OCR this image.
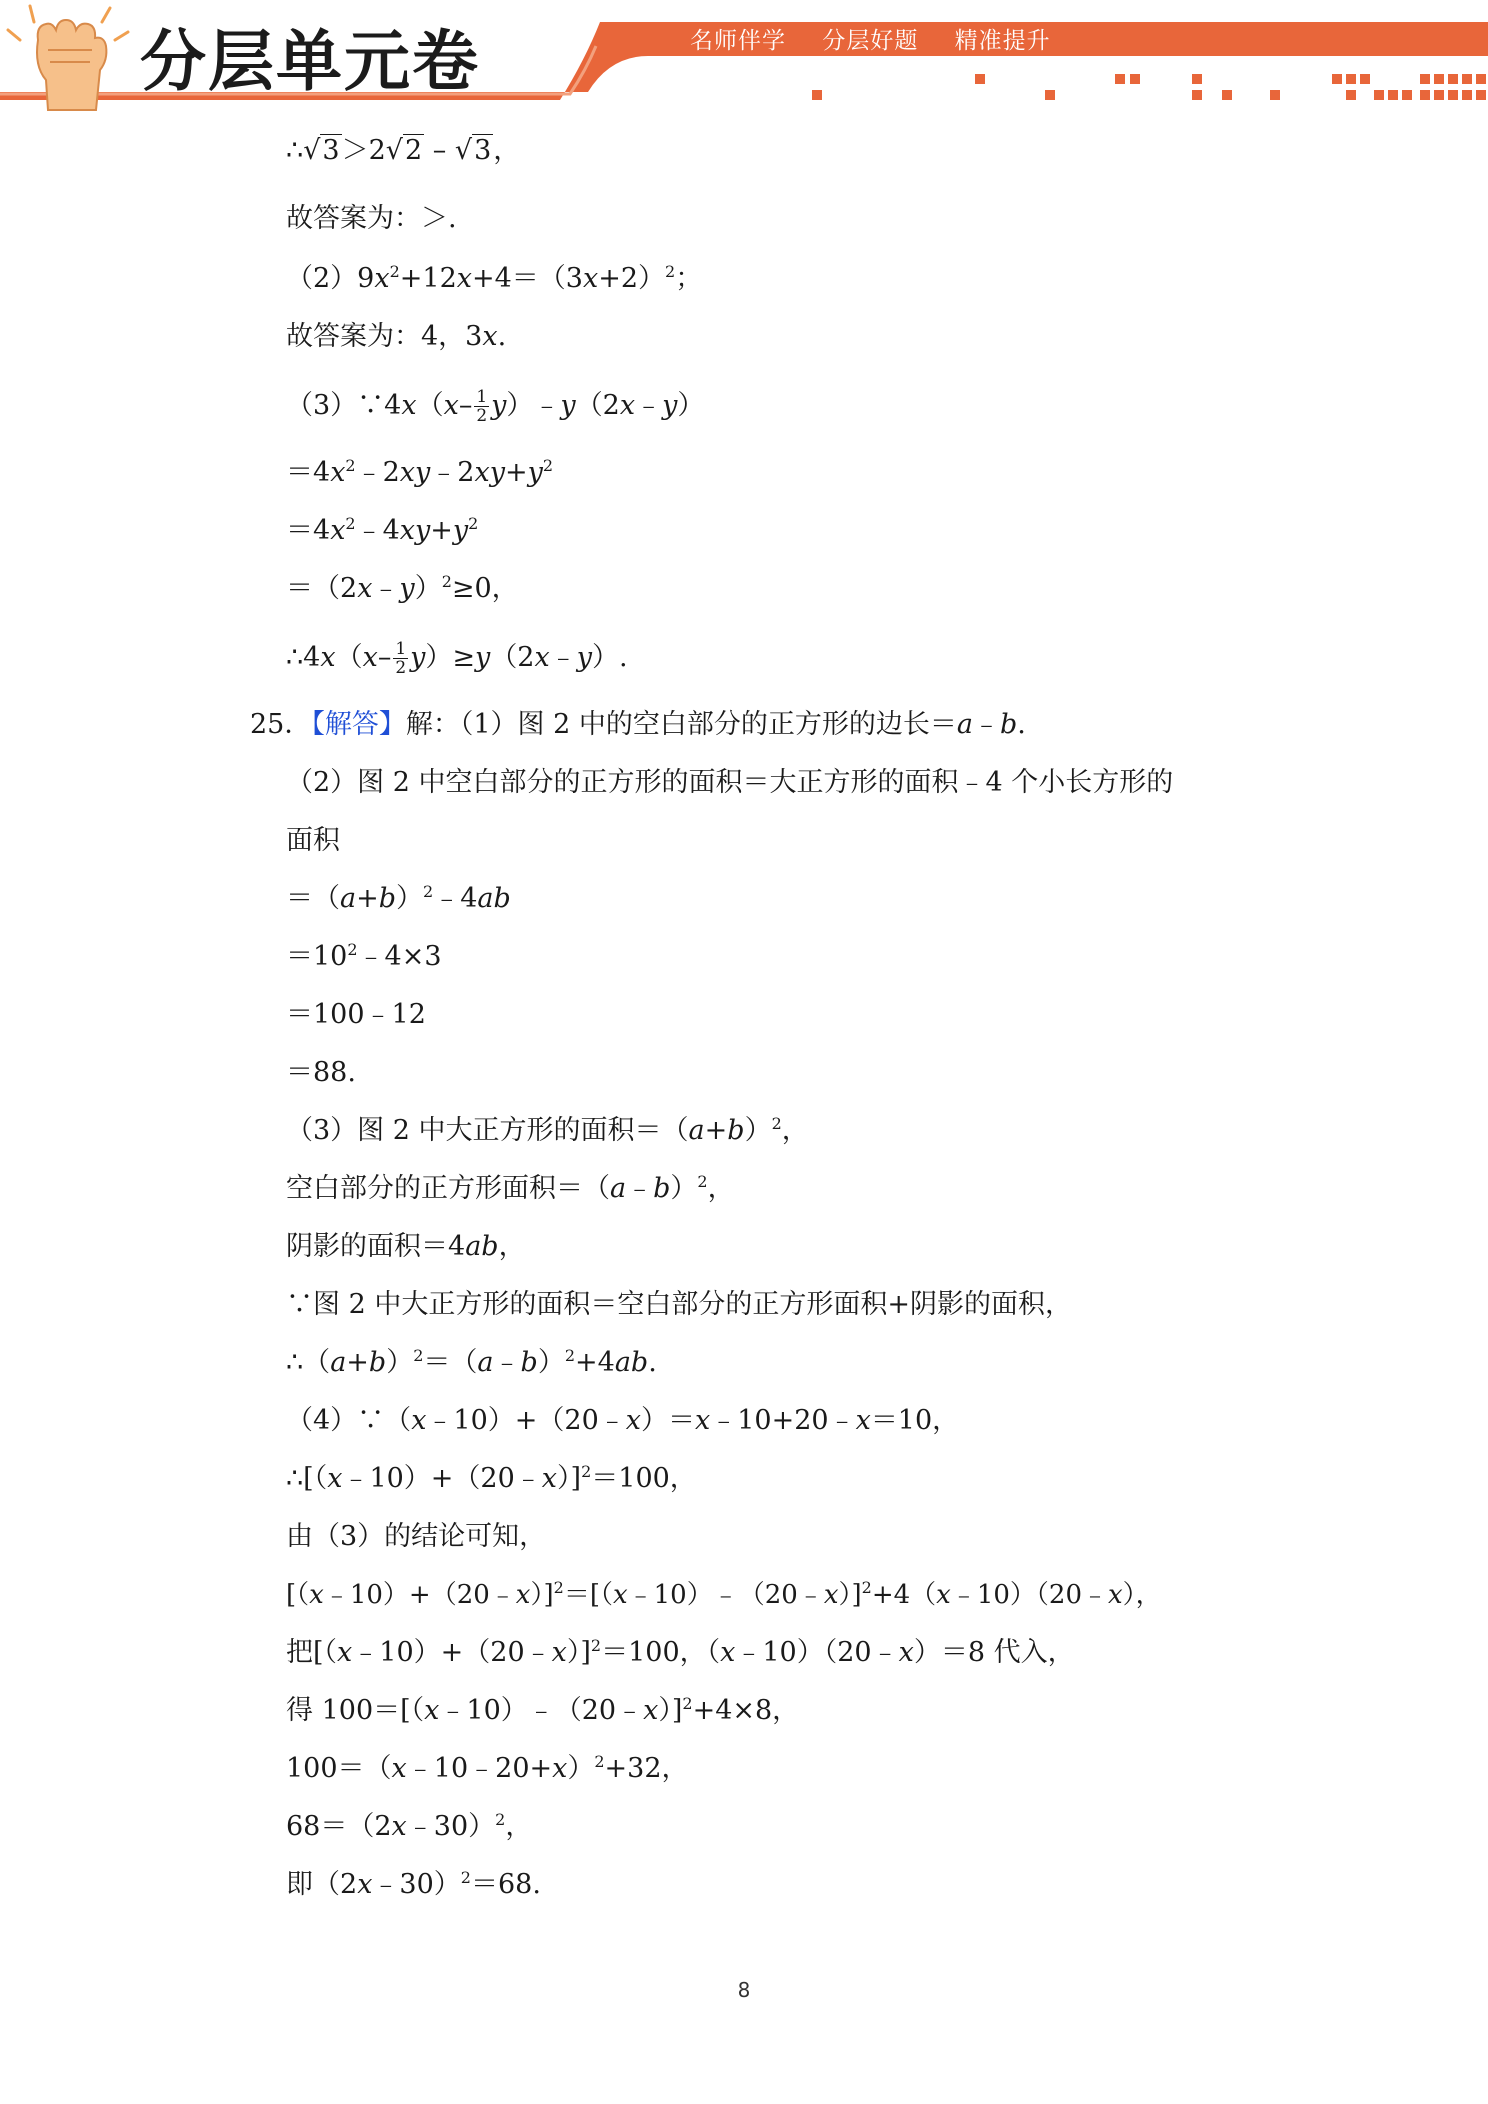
分层单元卷	名师伴学 分层好题 精准提升
∴√3＞2√2 – √3，
故答案为：＞.
$(2)9x^2+12x+4=(3x+2)^2$；
故答案为：4，3x.
（3）∵4x（x– $\frac{1}{2}$ y）﹣y（2x﹣y）
$=4x^2﹣2xy﹣2xy+y^2$
$=4x^2﹣4xy+y^2$
＝（2x﹣y）$^2$≥0，
∴4x（x– $\frac{1}{2}$ y）≥y（2x﹣y）.
25．【解答】解：（1）图 2 中的空白部分的正方形的边长＝a﹣b.
（2）图 2 中空白部分的正方形的面积＝大正方形的面积﹣4 个小长方形的
面积
$=(a+b)^2﹣4ab$
$=10^2﹣4\times 3$
＝100﹣12
＝88.
（3）图 2 中大正方形的面积$=(a+b)^2$，
空白部分的正方形面积＝（a﹣b）$^2$，
阴影的面积＝4ab，
∵图 2 中大正方形的面积＝空白部分的正方形面积+阴影的面积，
$\therefore(a+b)^2=(a﹣b)^2+4ab$.
（4）∵（x﹣10）+（20﹣x）＝x﹣10+20﹣x＝10，
∴[（x﹣10）+（20﹣x）]$^2$＝100，
由（3）的结论可知，
[（x﹣10）+（20﹣x）]$^2$＝[（x﹣10）﹣（20﹣x）]$^2$+4（x﹣10）（20﹣x），
把[（x﹣10）+（20﹣x）]$^2$＝100，（x﹣10）（20﹣x）＝8 代入，
得 100＝[（x﹣10）﹣（20﹣x）]$^2$+4×8，
100＝（x﹣10﹣20+x）$^2$+32，
68＝（2x﹣30）$^2$，
即（2x﹣30）$^2$＝68.
8
